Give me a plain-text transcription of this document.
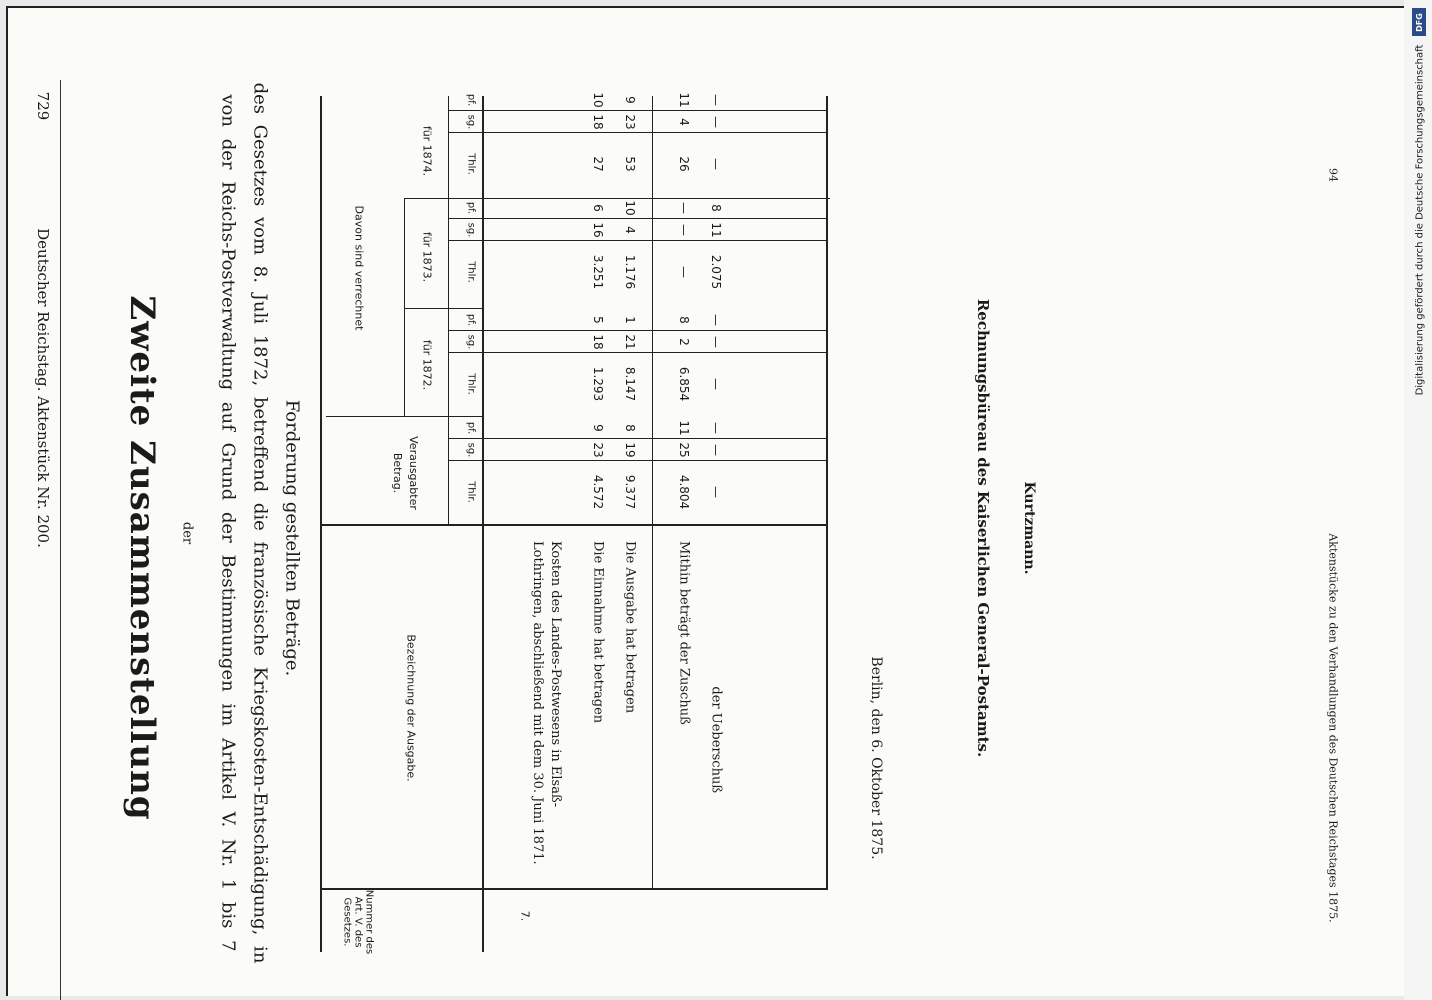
Deutscher Reichstag. Aktenstück Nr. 200.
729
Zweite Zusammenstellung der von der Reichs-Postverwaltung auf Grund der Bestimmungen im Artikel V. Nr. 1 bis 7 des Gesetzes vom 8. Juli 1872, betreffend die französische Kriegskosten-Entschädigung, in Forderung gestellten Beträge.
Nummer des Art. V. des Gesetzes.
Bezeichnung der Ausgabe.
Verausgabter Betrag.
Davon sind verrechnet
für 1872.
für 1873.
für 1874.
Thlr.
sg.
pf.
Thlr.
sg.
pf.
Thlr.
sg.
pf.
Thlr.
sg.
pf.
7.
Kosten des Landes-Postwesens in Elsaß-Lothringen, abschließend mit dem 30. Juni 1871.	Die Einnahme hat betragen Die Ausgabe hat betragen	Mithin beträgt der Zuschuß
der Ueberschuß
4.572
23
9
1.293
18
5
3.251
16
6
27
18
10
9.377
19
8
8.147
21
1
1.176
4
10
53
23
9
4.804
25
11
6.854
2
8
—
—
—
26
4
11
—
—
—
—
—
—
2.075
11
8
—
—
—
Berlin, den 6. Oktober 1875.
Rechnungsbüreau des Kaiserlichen General-Postamts. Kurtzmann.
Aktenstücke zu den Verhandlungen des Deutschen Reichstages 1875.
94
DFG
Digitalisierung gefördert durch die Deutsche Forschungsgemeinschaft
